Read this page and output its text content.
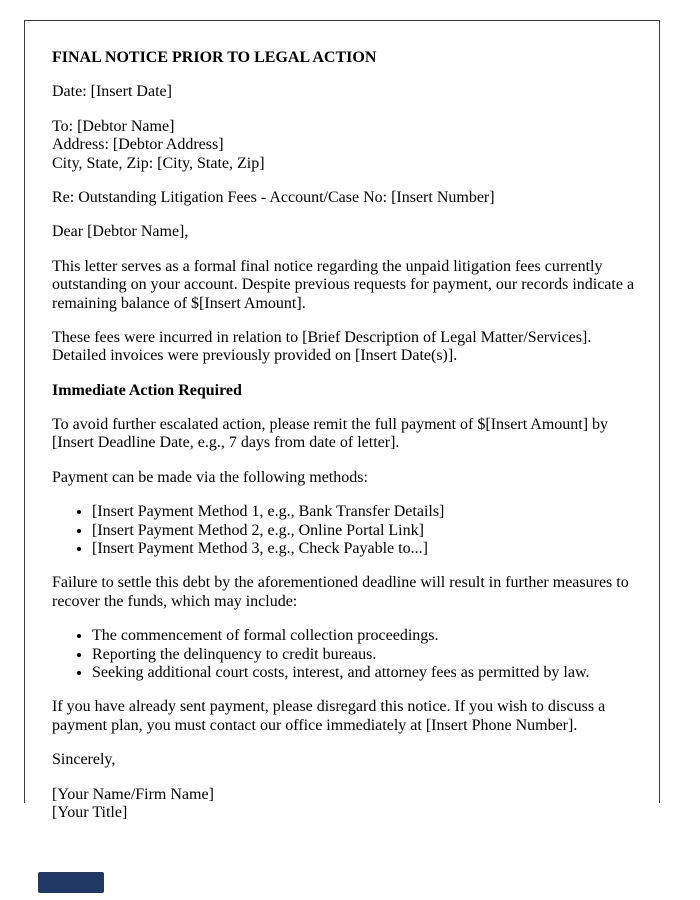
FINAL NOTICE PRIOR TO LEGAL ACTION

Date: [Insert Date]

To: [Debtor Name]
Address: [Debtor Address]
City, State, Zip: [City, State, Zip]

Re: Outstanding Litigation Fees - Account/Case No: [Insert Number]

Dear [Debtor Name],

This letter serves as a formal final notice regarding the unpaid litigation fees currently outstanding on your account. Despite previous requests for payment, our records indicate a remaining balance of $[Insert Amount].

These fees were incurred in relation to [Brief Description of Legal Matter/Services]. Detailed invoices were previously provided on [Insert Date(s)].

Immediate Action Required

To avoid further escalated action, please remit the full payment of $[Insert Amount] by [Insert Deadline Date, e.g., 7 days from date of letter].

Payment can be made via the following methods:

• [Insert Payment Method 1, e.g., Bank Transfer Details]
• [Insert Payment Method 2, e.g., Online Portal Link]
• [Insert Payment Method 3, e.g., Check Payable to...]

Failure to settle this debt by the aforementioned deadline will result in further measures to recover the funds, which may include:

• The commencement of formal collection proceedings.
• Reporting the delinquency to credit bureaus.
• Seeking additional court costs, interest, and attorney fees as permitted by law.

If you have already sent payment, please disregard this notice. If you wish to discuss a payment plan, you must contact our office immediately at [Insert Phone Number].

Sincerely,

[Your Name/Firm Name]
[Your Title]
